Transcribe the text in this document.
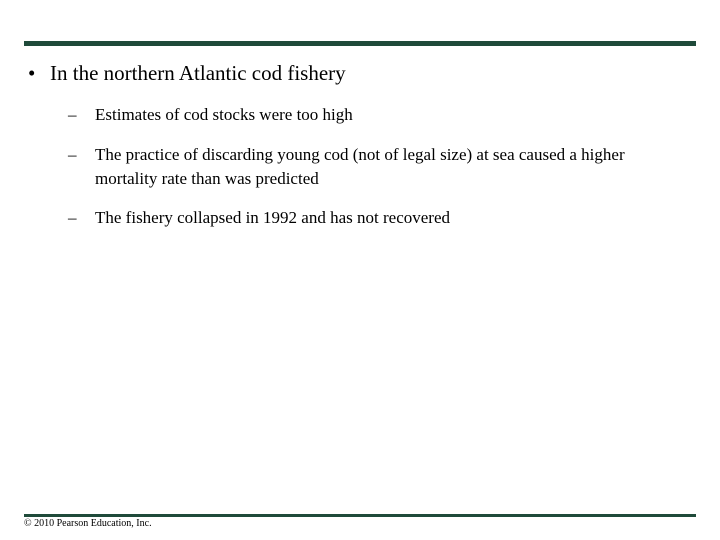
• In the northern Atlantic cod fishery
– Estimates of cod stocks were too high
– The practice of discarding young cod (not of legal size) at sea caused a higher mortality rate than was predicted
– The fishery collapsed in 1992 and has not recovered
© 2010 Pearson Education, Inc.
